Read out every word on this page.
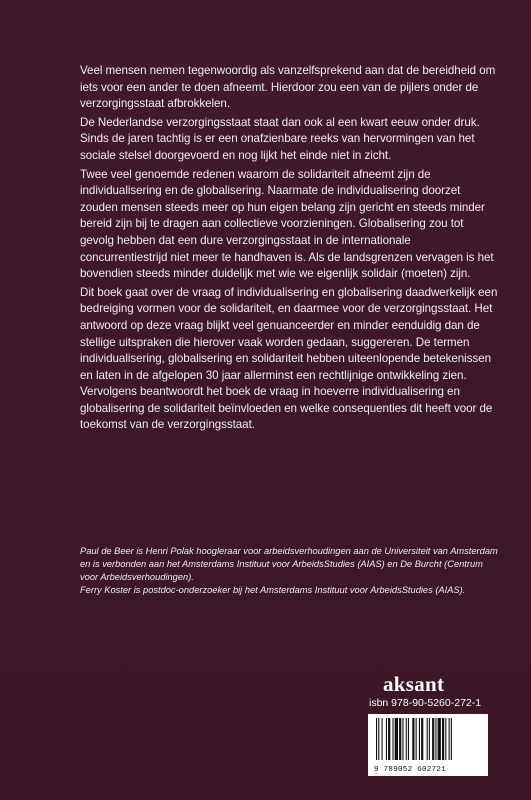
Veel mensen nemen tegenwoordig als vanzelfsprekend aan dat de bereidheid om iets voor een ander te doen afneemt. Hierdoor zou een van de pijlers onder de verzorgingsstaat afbrokkelen.

De Nederlandse verzorgingsstaat staat dan ook al een kwart eeuw onder druk. Sinds de jaren tachtig is er een onafzienbare reeks van hervormingen van het sociale stelsel doorgevoerd en nog lijkt het einde niet in zicht.

Twee veel genoemde redenen waarom de solidariteit afneemt zijn de individualisering en de globalisering. Naarmate de individualisering doorzet zouden mensen steeds meer op hun eigen belang zijn gericht en steeds minder bereid zijn bij te dragen aan collectieve voorzieningen. Globalisering zou tot gevolg hebben dat een dure verzorgingsstaat in de internationale concurrentiestrijd niet meer te handhaven is. Als de landsgrenzen vervagen is het bovendien steeds minder duidelijk met wie we eigenlijk solidair (moeten) zijn.

Dit boek gaat over de vraag of individualisering en globalisering daadwerkelijk een bedreiging vormen voor de solidariteit, en daarmee voor de verzorgingsstaat. Het antwoord op deze vraag blijkt veel genuanceerder en minder eenduidig dan de stellige uitspraken die hierover vaak worden gedaan, suggereren. De termen individualisering, globalisering en solidariteit hebben uiteenlopende betekenissen en laten in de afgelopen 30 jaar allerminst een rechtlijnige ontwikkeling zien. Vervolgens beantwoordt het boek de vraag in hoeverre individualisering en globalisering de solidariteit beïnvloeden en welke consequenties dit heeft voor de toekomst van de verzorgingsstaat.

Paul de Beer is Henri Polak hoogleraar voor arbeidsverhoudingen aan de Universiteit van Amsterdam en is verbonden aan het Amsterdams Instituut voor ArbeidsStudies (AIAS) en De Burcht (Centrum voor Arbeidsverhoudingen).

Ferry Koster is postdoc-onderzoeker bij het Amsterdams Instituut voor ArbeidsStudies (AIAS).

aksant
isbn 978-90-5260-272-1
9 789052 602721
